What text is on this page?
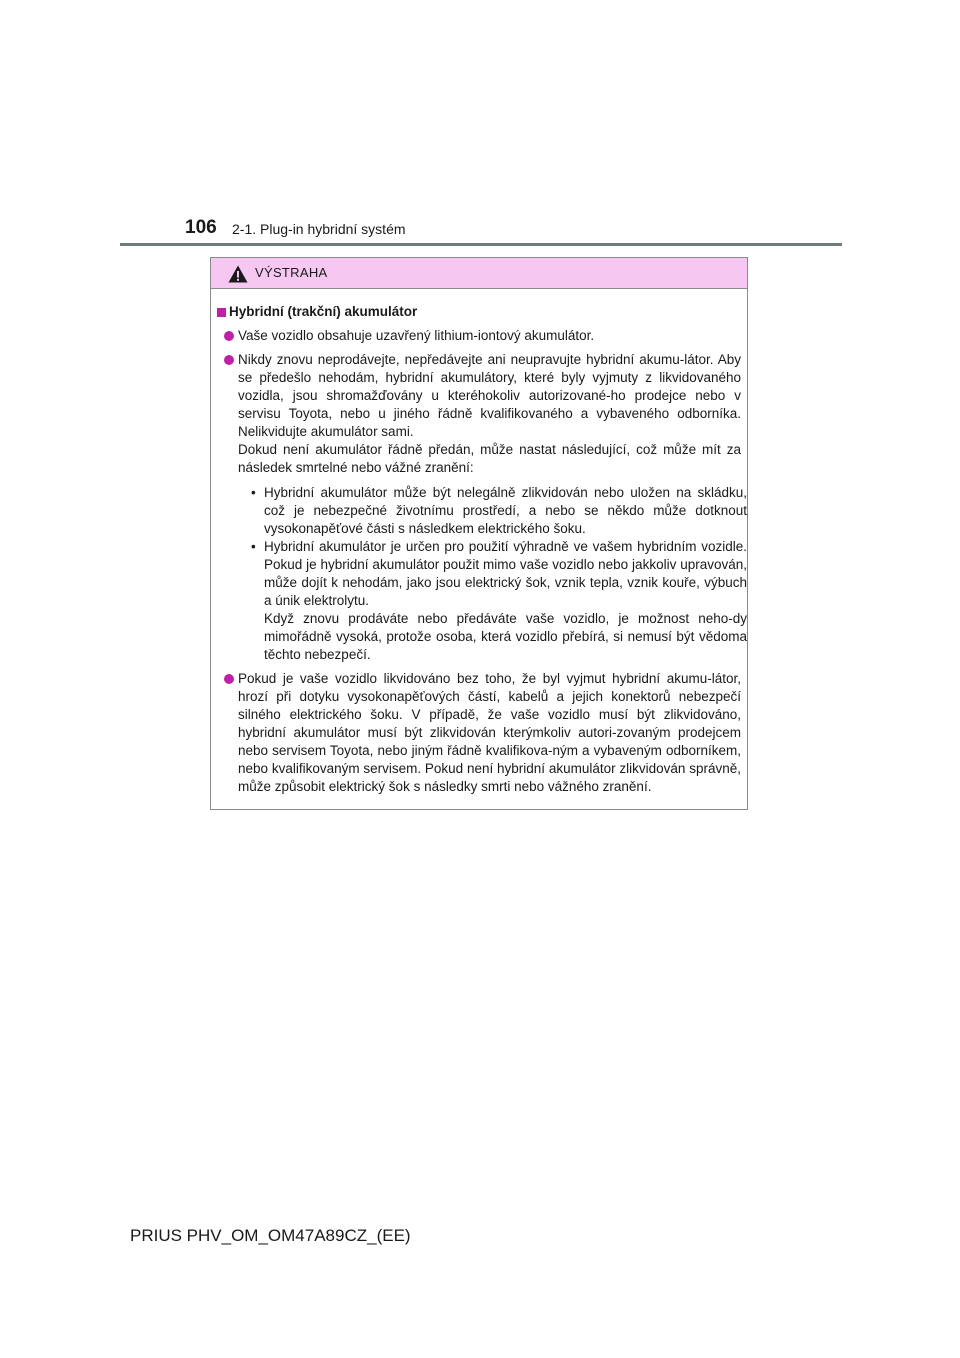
106 2-1. Plug-in hybridní systém
VÝSTRAHA
Hybridní (trakční) akumulátor
Vaše vozidlo obsahuje uzavřený lithium-iontový akumulátor.
Nikdy znovu neprodávejte, nepředávejte ani neupravujte hybridní akumu-látor. Aby se předešlo nehodám, hybridní akumulátory, které byly vyjmuty z likvidovaného vozidla, jsou shromažďovány u kteréhokoliv autorizované-ho prodejce nebo v servisu Toyota, nebo u jiného řádně kvalifikovaného a vybaveného odborníka. Nelikvidujte akumulátor sami.
Dokud není akumulátor řádně předán, může nastat následující, což může mít za následek smrtelné nebo vážné zranění:
• Hybridní akumulátor může být nelegálně zlikvidován nebo uložen na skládku, což je nebezpečné životnímu prostředí, a nebo se někdo může dotknout vysokonapěťové části s následkem elektrického šoku.
• Hybridní akumulátor je určen pro použití výhradně ve vašem hybridním vozidle. Pokud je hybridní akumulátor použit mimo vaše vozidlo nebo jakkoliv upravován, může dojít k nehodám, jako jsou elektrický šok, vznik tepla, vznik kouře, výbuch a únik elektrolytu.
Když znovu prodáváte nebo předáváte vaše vozidlo, je možnost neho-dy mimořádně vysoká, protože osoba, která vozidlo přebírá, si nemusí být vědoma těchto nebezpečí.
Pokud je vaše vozidlo likvidováno bez toho, že byl vyjmut hybridní akumu-látor, hrozí při dotyku vysokonapěťových částí, kabelů a jejich konektorů nebezpečí silného elektrického šoku. V případě, že vaše vozidlo musí být zlikvidováno, hybridní akumulátor musí být zlikvidován kterýmkoliv autori-zovaným prodejcem nebo servisem Toyota, nebo jiným řádně kvalifikova-ným a vybaveným odborníkem, nebo kvalifikovaným servisem. Pokud není hybridní akumulátor zlikvidován správně, může způsobit elektrický šok s následky smrti nebo vážného zranění.
PRIUS PHV_OM_OM47A89CZ_(EE)
